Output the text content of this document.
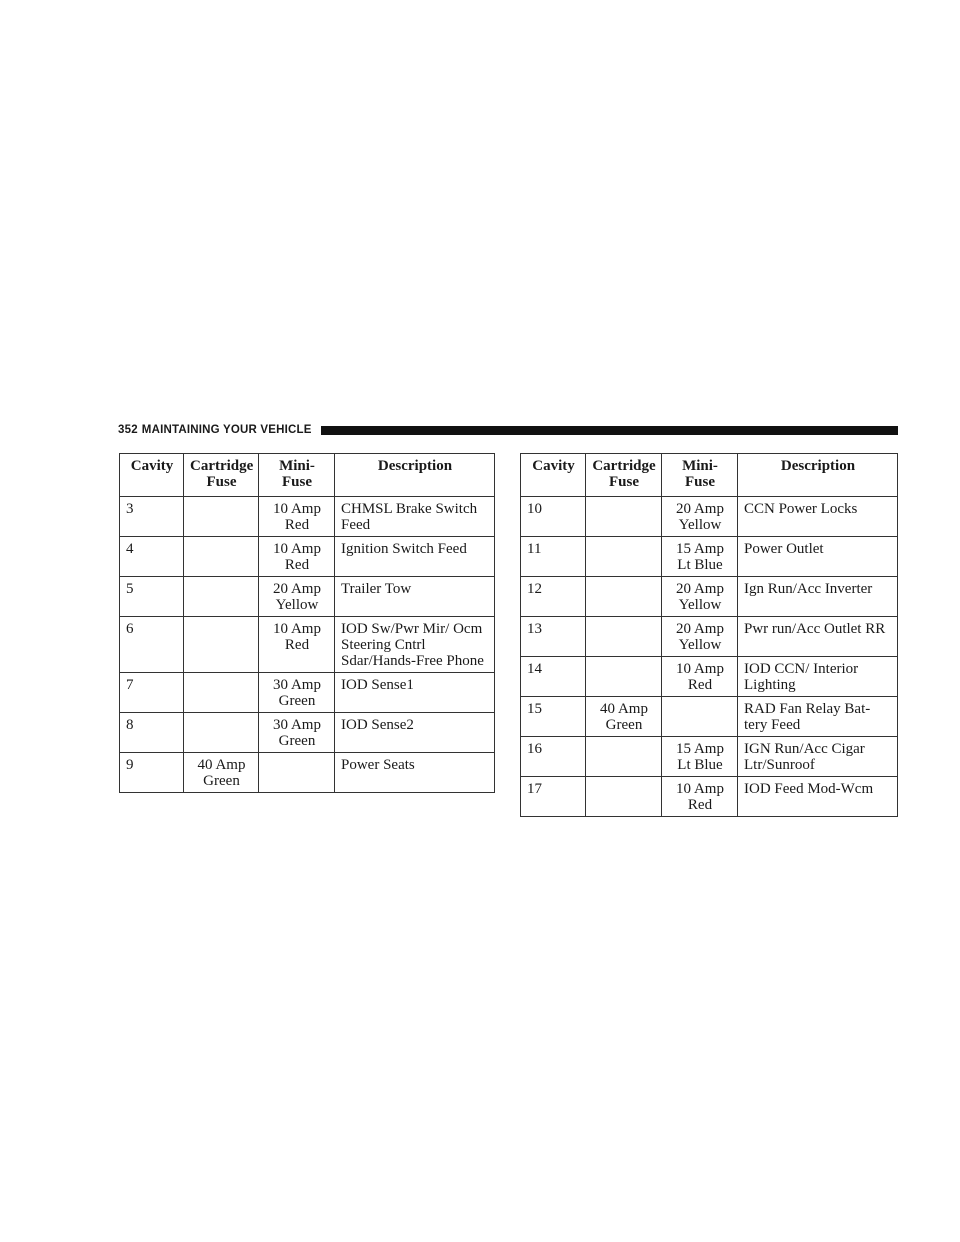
352 MAINTAINING YOUR VEHICLE
Cavity	Cartridge Fuse	Mini-Fuse	Description
3		10 Amp Red	CHMSL Brake Switch Feed
4		10 Amp Red	Ignition Switch Feed
5		20 Amp Yellow	Trailer Tow
6		10 Amp Red	IOD Sw/Pwr Mir/ Ocm Steering Cntrl Sdar/Hands-Free Phone
7		30 Amp Green	IOD Sense1
8		30 Amp Green	IOD Sense2
9	40 Amp Green		Power Seats
Cavity	Cartridge Fuse	Mini-Fuse	Description
10		20 Amp Yellow	CCN Power Locks
11		15 Amp Lt Blue	Power Outlet
12		20 Amp Yellow	Ign Run/Acc Inverter
13		20 Amp Yellow	Pwr run/Acc Outlet RR
14		10 Amp Red	IOD CCN/ Interior Lighting
15	40 Amp Green		RAD Fan Relay Bat-tery Feed
16		15 Amp Lt Blue	IGN Run/Acc Cigar Ltr/Sunroof
17		10 Amp Red	IOD Feed Mod-Wcm
